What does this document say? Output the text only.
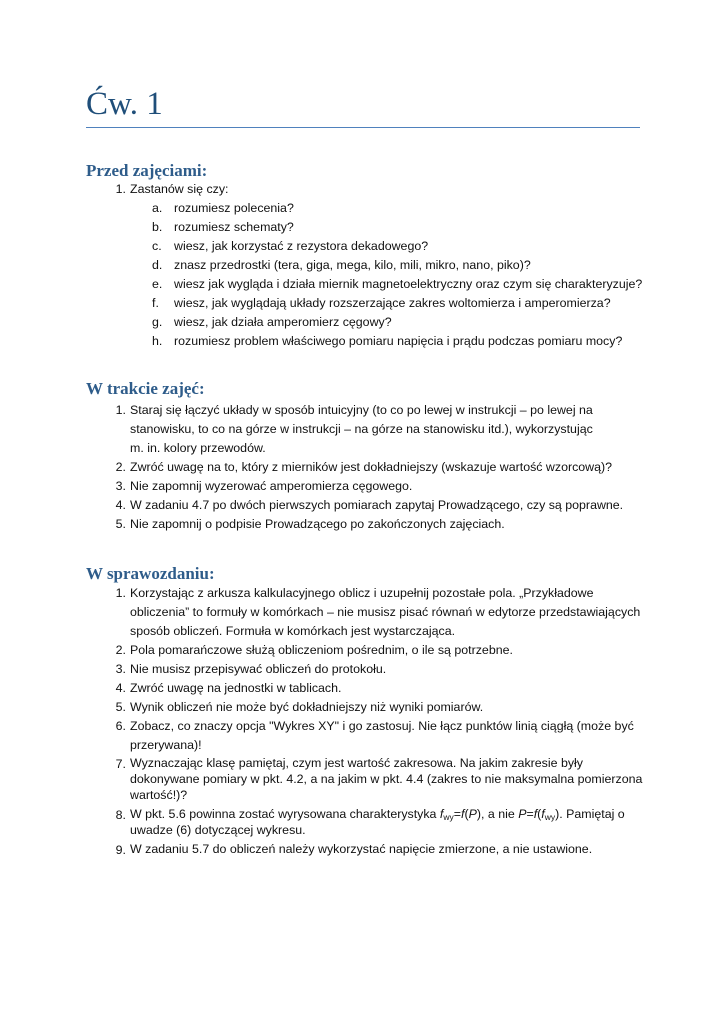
Ćw. 1
Przed zajęciami:
1. Zastanów się czy:
a. rozumiesz polecenia?
b. rozumiesz schematy?
c. wiesz, jak korzystać z rezystora dekadowego?
d. znasz przedrostki (tera, giga, mega, kilo, mili, mikro, nano, piko)?
e. wiesz jak wygląda i działa miernik magnetoelektryczny oraz czym się charakteryzuje?
f.	wiesz, jak wyglądają układy rozszerzające zakres woltomierza i amperomierza?
g. wiesz, jak działa amperomierz cęgowy?
h. rozumiesz problem właściwego pomiaru napięcia i prądu podczas pomiaru mocy?
W trakcie zajęć:
1. Staraj się łączyć układy w sposób intuicyjny (to co po lewej w instrukcji – po lewej na
stanowisku, to co na górze w instrukcji – na górze na stanowisku itd.), wykorzystując
m. in. kolory przewodów.
2. Zwróć uwagę na to, który z mierników jest dokładniejszy (wskazuje wartość wzorcową)?
3. Nie zapomnij wyzerować amperomierza cęgowego.
4. W zadaniu 4.7 po dwóch pierwszych pomiarach zapytaj Prowadzącego, czy są poprawne.
5. Nie zapomnij o podpisie Prowadzącego po zakończonych zajęciach.
W sprawozdaniu:
1. Korzystając z arkusza kalkulacyjnego oblicz i uzupełnij pozostałe pola. „Przykładowe
obliczenia” to formuły w komórkach – nie musisz pisać równań w edytorze przedstawiających
sposób obliczeń. Formuła w komórkach jest wystarczająca.
2. Pola pomarańczowe służą obliczeniom pośrednim, o ile są potrzebne.
3. Nie musisz przepisywać obliczeń do protokołu.
4. Zwróć uwagę na jednostki w tablicach.
5. Wynik obliczeń nie może być dokładniejszy niż wyniki pomiarów.
6. Zobacz, co znaczy opcja "Wykres XY" i go zastosuj. Nie łącz punktów linią ciągłą (może być
przerywana)!
7. Wyznaczając klasę pamiętaj, czym jest wartość zakresowa. Na jakim zakresie były
dokonywane pomiary w pkt. 4.2, a na jakim w pkt. 4.4 (zakres to nie maksymalna pomierzona
wartość!)?
8. W pkt. 5.6 powinna zostać wyrysowana charakterystyka $f_{wy}=f(P)$, a nie $P=f(f_{wy})$. Pamiętaj o
uwadze (6) dotyczącej wykresu.
9. W zadaniu 5.7 do obliczeń należy wykorzystać napięcie zmierzone, a nie ustawione.
